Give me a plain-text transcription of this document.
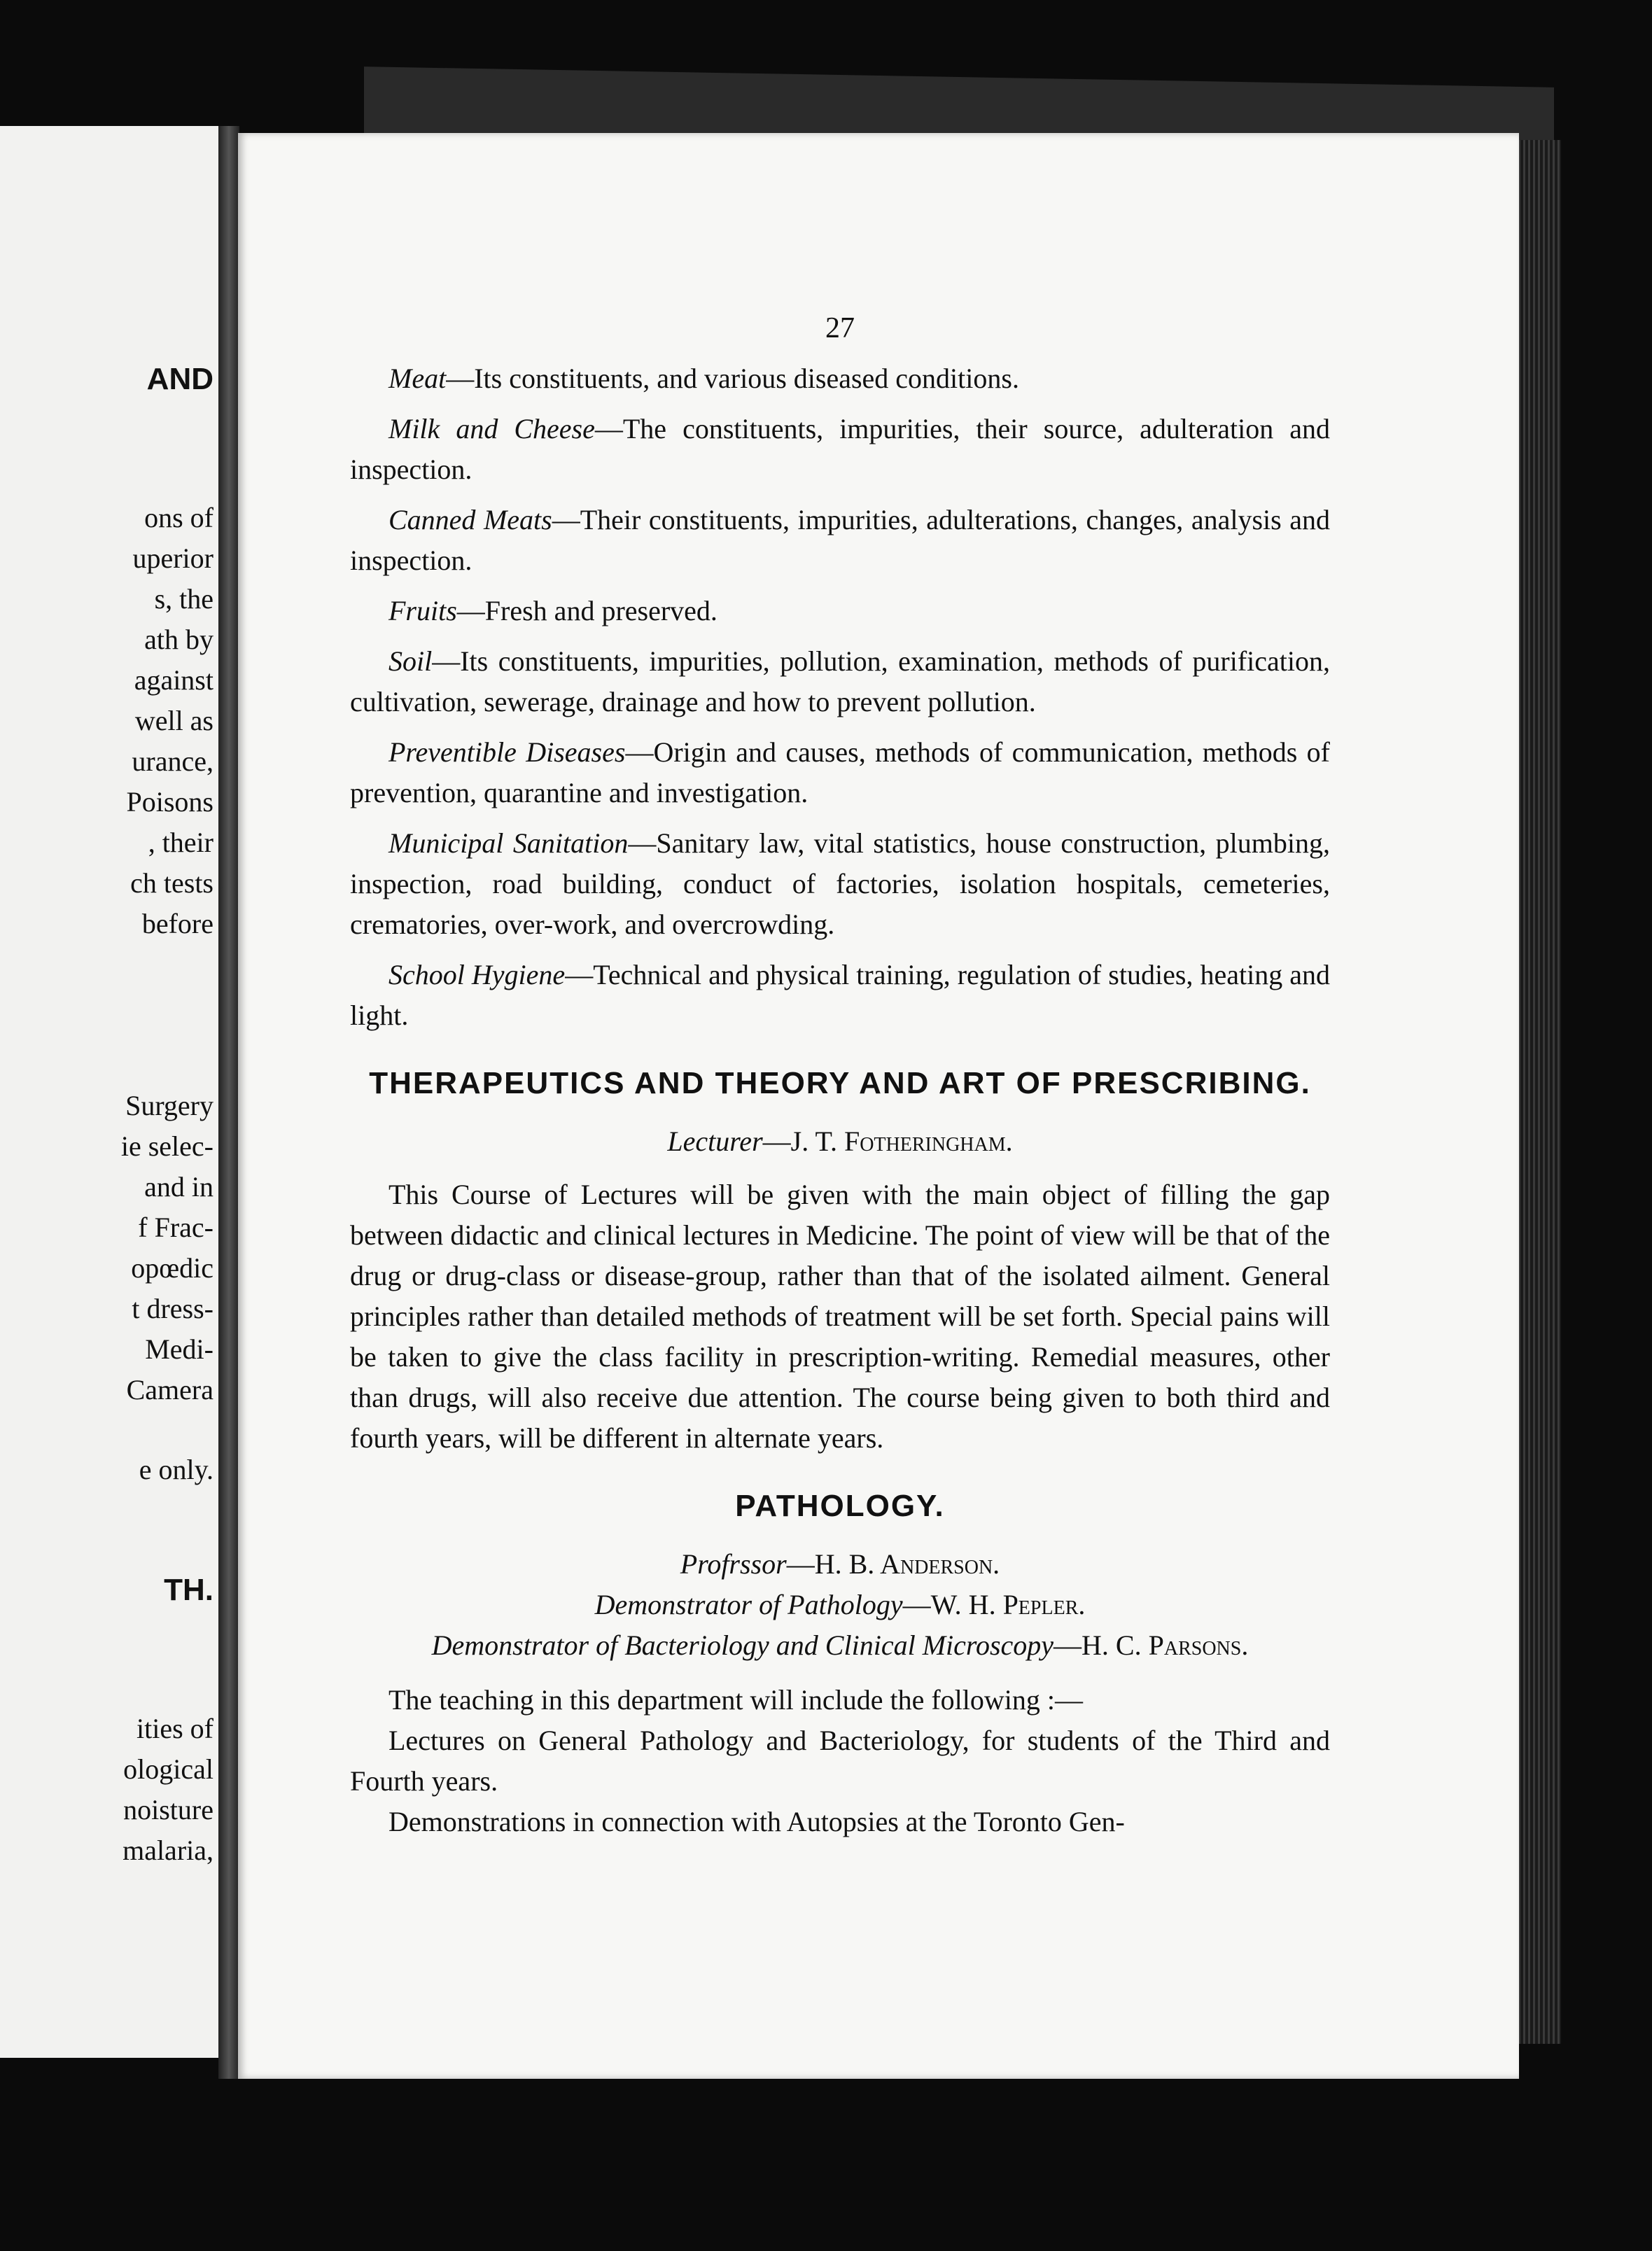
AND
ons of
uperior
s, the
ath by
against
well as
urance,
Poisons
, their
ch tests
before
Surgery
ie selec-
and in
f Frac-
opœdic
t dress-
Medi-
Camera
e only.
TH.
ities of
ological
noisture
malaria,
27

Meat—Its constituents, and various diseased conditions.

Milk and Cheese—The constituents, impurities, their source, adulteration and inspection.

Canned Meats—Their constituents, impurities, adulterations, changes, analysis and inspection.

Fruits—Fresh and preserved.

Soil—Its constituents, impurities, pollution, examination, methods of purification, cultivation, sewerage, drainage and how to prevent pollution.

Preventible Diseases—Origin and causes, methods of communication, methods of prevention, quarantine and investigation.

Municipal Sanitation—Sanitary law, vital statistics, house construction, plumbing, inspection, road building, conduct of factories, isolation hospitals, cemeteries, crematories, over-work, and overcrowding.

School Hygiene—Technical and physical training, regulation of studies, heating and light.

THERAPEUTICS AND THEORY AND ART OF PRESCRIBING.

Lecturer—J. T. Fotheringham.

This Course of Lectures will be given with the main object of filling the gap between didactic and clinical lectures in Medicine. The point of view will be that of the drug or drug-class or disease-group, rather than that of the isolated ailment. General principles rather than detailed methods of treatment will be set forth. Special pains will be taken to give the class facility in prescription-writing. Remedial measures, other than drugs, will also receive due attention. The course being given to both third and fourth years, will be different in alternate years.

PATHOLOGY.

Profrssor—H. B. Anderson.

Demonstrator of Pathology—W. H. Pepler.

Demonstrator of Bacteriology and Clinical Microscopy—H. C. Parsons.

The teaching in this department will include the following :—

Lectures on General Pathology and Bacteriology, for students of the Third and Fourth years.

Demonstrations in connection with Autopsies at the Toronto Gen-
